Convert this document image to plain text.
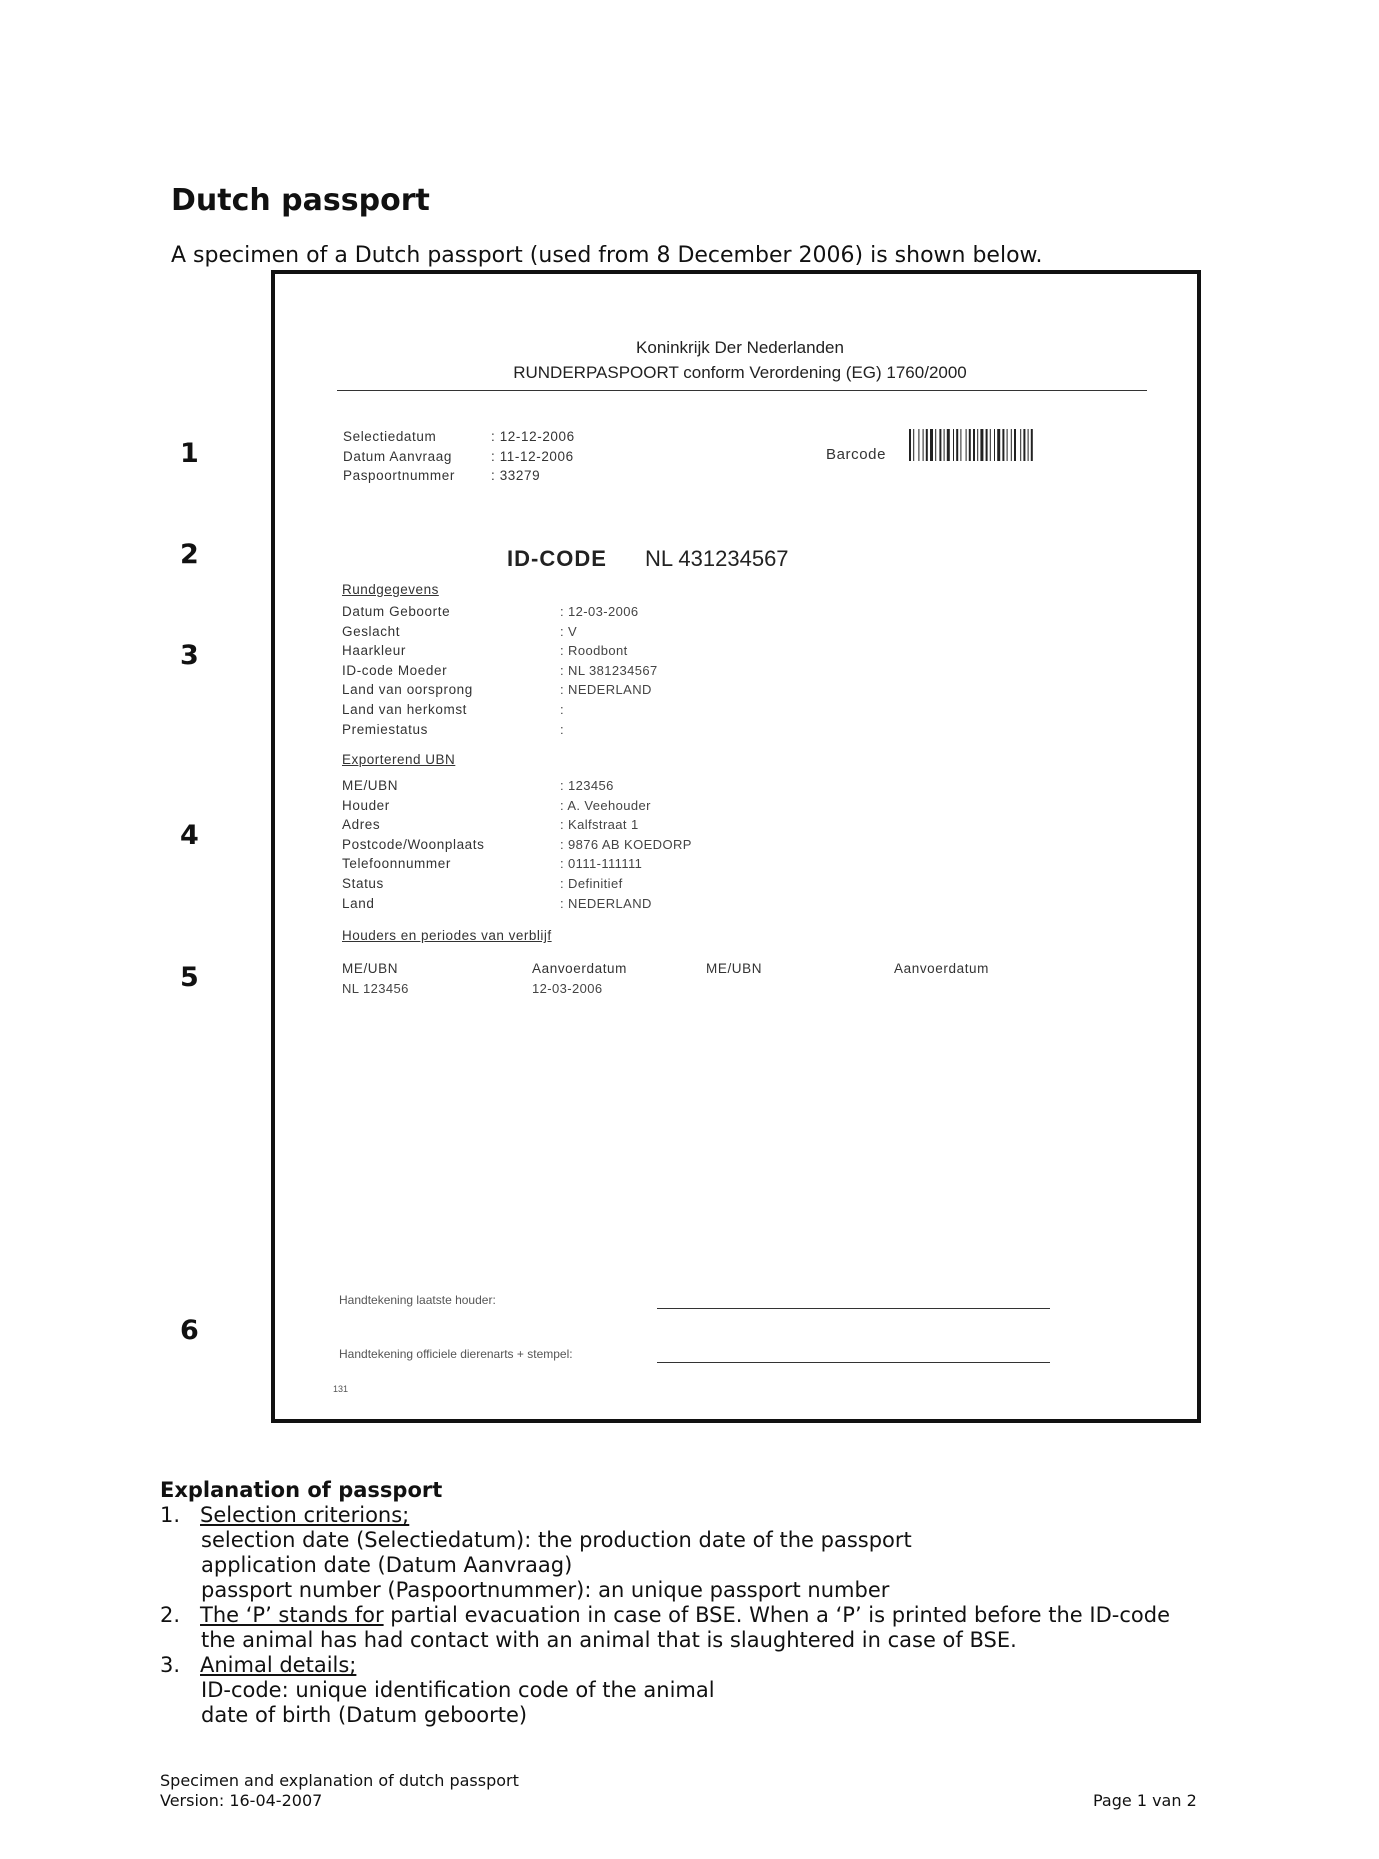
Dutch passport
A specimen of a Dutch passport (used from 8 December 2006) is shown below.
1
2
3
4
5
6
Koninkrijk Der Nederlanden
RUNDERPASPOORT conform Verordening (EG) 1760/2000
Selectiedatum	: 12-12-2006
Datum Aanvraag	: 11-12-2006
Paspoortnummer	: 33279
Barcode
ID-CODE NL 431234567
Rundgegevens
Datum Geboorte	: 12-03-2006
Geslacht	: V
Haarkleur	: Roodbont
ID-code Moeder	: NL 381234567
Land van oorsprong	: NEDERLAND
Land van herkomst	:
Premiestatus	:
Exporterend UBN
ME/UBN	: 123456
Houder	: A. Veehouder
Adres	: Kalfstraat 1
Postcode/Woonplaats	: 9876 AB KOEDORP
Telefoonnummer	: 0111-111111
Status	: Definitief
Land	: NEDERLAND
Houders en periodes van verblijf
ME/UBN	Aanvoerdatum	ME/UBN	Aanvoerdatum
NL 123456	12-03-2006
Handtekening laatste houder:
Handtekening officiele dierenarts + stempel:
131
Explanation of passport
1. Selection criterions;
selection date (Selectiedatum): the production date of the passport
application date (Datum Aanvraag)
passport number (Paspoortnummer): an unique passport number
2. The ‘P’ stands for partial evacuation in case of BSE. When a ‘P’ is printed before the ID-code
the animal has had contact with an animal that is slaughtered in case of BSE.
3. Animal details;
ID-code: unique identification code of the animal
date of birth (Datum geboorte)
Specimen and explanation of dutch passport
Version: 16-04-2007	Page 1 van 2
